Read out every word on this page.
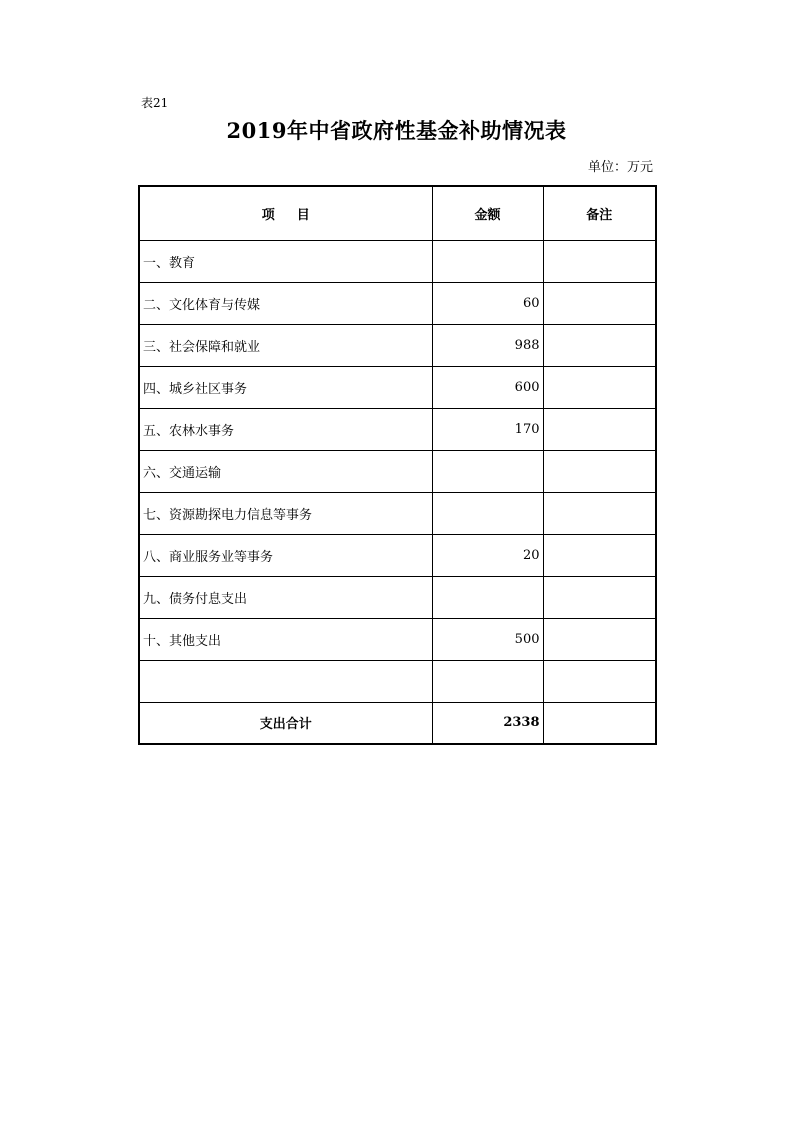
表21
2019年中省政府性基金补助情况表
单位：万元
项目	金额	备注
一、教育		
二、文化体育与传媒	60	
三、社会保障和就业	988	
四、城乡社区事务	600	
五、农林水事务	170	
六、交通运输		
七、资源勘探电力信息等事务		
八、商业服务业等事务	20	
九、债务付息支出		
十、其他支出	500	

支出合计	2338	
